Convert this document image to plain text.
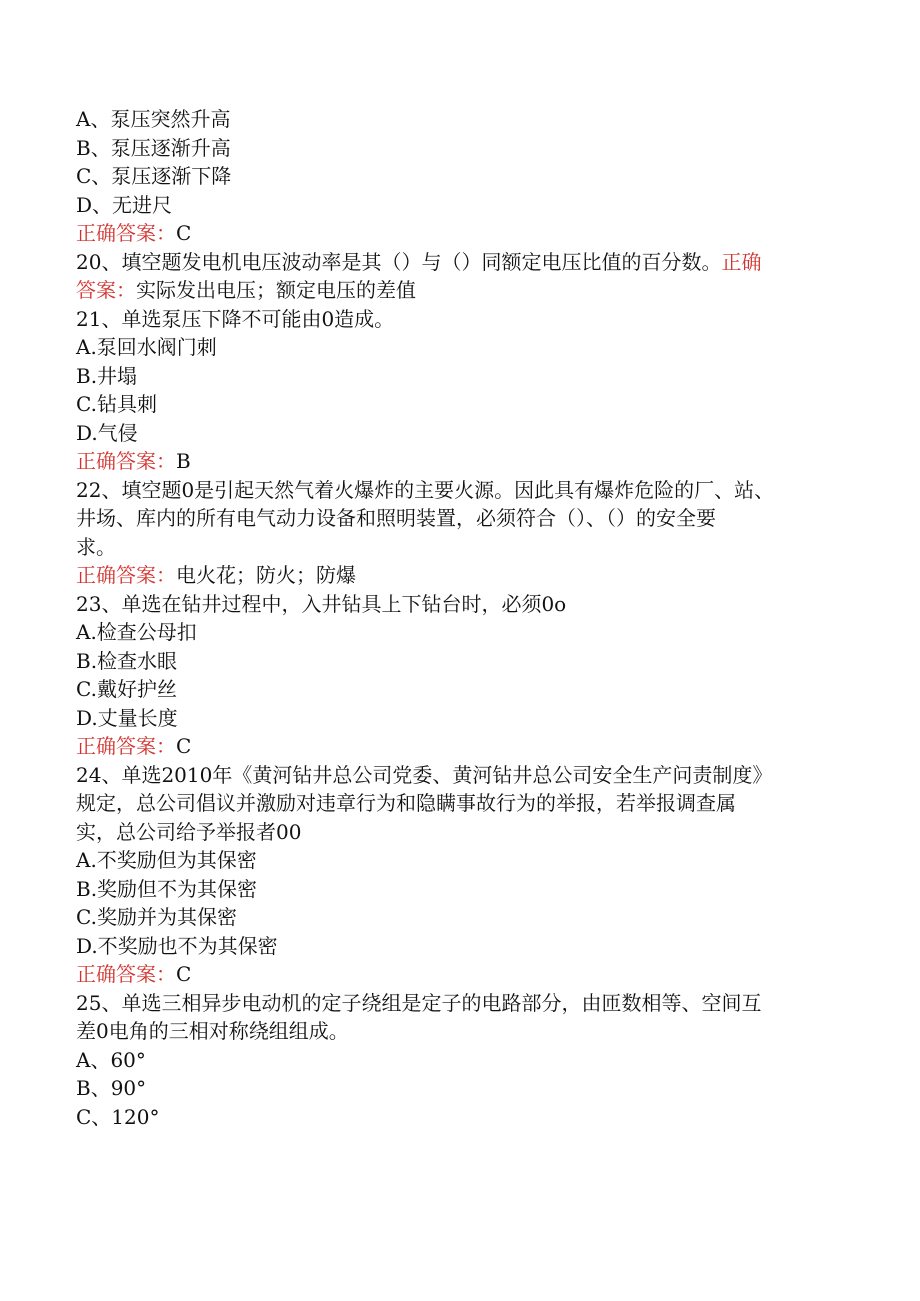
A、泵压突然升高
B、泵压逐渐升高
C、泵压逐渐下降
D、无进尺
正确答案：C
20、填空题发电机电压波动率是其（）与（）同额定电压比值的百分数。正确
答案：实际发出电压；额定电压的差值
21、单选泵压下降不可能由0造成。
A.泵回水阀门刺
B.井塌
C.钻具刺
D.气侵
正确答案：B
22、填空题0是引起天然气着火爆炸的主要火源。因此具有爆炸危险的厂、站、
井场、库内的所有电气动力设备和照明装置，必须符合（）、（）的安全要
求。
正确答案：电火花；防火；防爆
23、单选在钻井过程中，入井钻具上下钻台时，必须0o
A.检查公母扣
B.检查水眼
C.戴好护丝
D.丈量长度
正确答案：C
24、单选2010年《黄河钻井总公司党委、黄河钻井总公司安全生产问责制度》
规定，总公司倡议并激励对违章行为和隐瞒事故行为的举报，若举报调查属
实，总公司给予举报者00
A.不奖励但为其保密
B.奖励但不为其保密
C.奖励并为其保密
D.不奖励也不为其保密
正确答案：C
25、单选三相异步电动机的定子绕组是定子的电路部分，由匝数相等、空间互
差0电角的三相对称绕组组成。
A、60°
B、90°
C、120°
